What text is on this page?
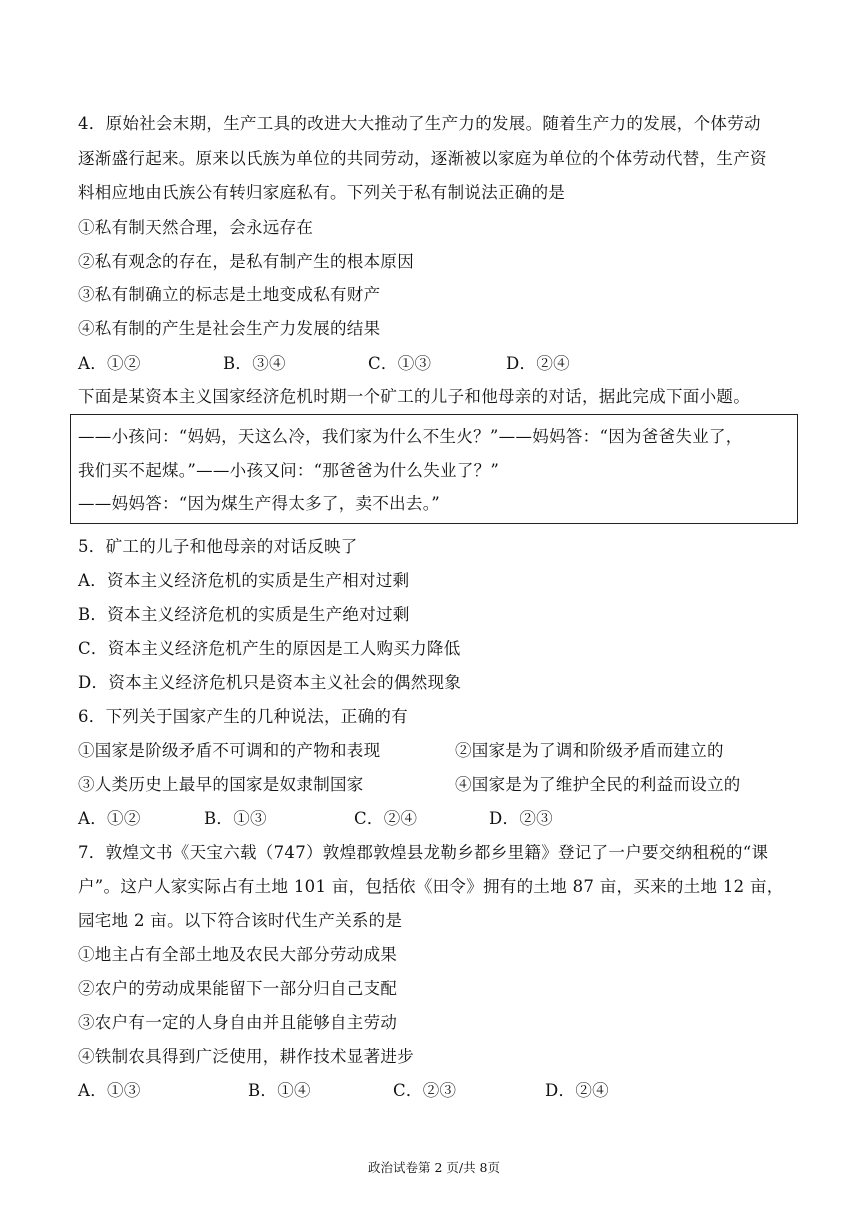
4．原始社会末期，生产工具的改进大大推动了生产力的发展。随着生产力的发展，个体劳动
逐渐盛行起来。原来以氏族为单位的共同劳动，逐渐被以家庭为单位的个体劳动代替，生产资
料相应地由氏族公有转归家庭私有。下列关于私有制说法正确的是
①私有制天然合理，会永远存在
②私有观念的存在，是私有制产生的根本原因
③私有制确立的标志是土地变成私有财产
④私有制的产生是社会生产力发展的结果
A．①②	B．③④	C．①③	D．②④
下面是某资本主义国家经济危机时期一个矿工的儿子和他母亲的对话，据此完成下面小题。
——小孩问：“妈妈，天这么冷，我们家为什么不生火？”——妈妈答：“因为爸爸失业了，
我们买不起煤。”——小孩又问：“那爸爸为什么失业了？”
——妈妈答：“因为煤生产得太多了，卖不出去。”
5．矿工的儿子和他母亲的对话反映了
A．资本主义经济危机的实质是生产相对过剩
B．资本主义经济危机的实质是生产绝对过剩
C．资本主义经济危机产生的原因是工人购买力降低
D．资本主义经济危机只是资本主义社会的偶然现象
6．下列关于国家产生的几种说法，正确的有
①国家是阶级矛盾不可调和的产物和表现	②国家是为了调和阶级矛盾而建立的
③人类历史上最早的国家是奴隶制国家	④国家是为了维护全民的利益而设立的
A．①②	B．①③	C．②④	D．②③
7．敦煌文书《天宝六载（747）敦煌郡敦煌县龙勒乡都乡里籍》登记了一户要交纳租税的“课
户”。这户人家实际占有土地 101 亩，包括依《田令》拥有的土地 87 亩，买来的土地 12 亩，
园宅地 2 亩。以下符合该时代生产关系的是
①地主占有全部土地及农民大部分劳动成果
②农户的劳动成果能留下一部分归自己支配
③农户有一定的人身自由并且能够自主劳动
④铁制农具得到广泛使用，耕作技术显著进步
A．①③	B．①④	C．②③	D．②④
政治试卷第 2 页/共 8页
